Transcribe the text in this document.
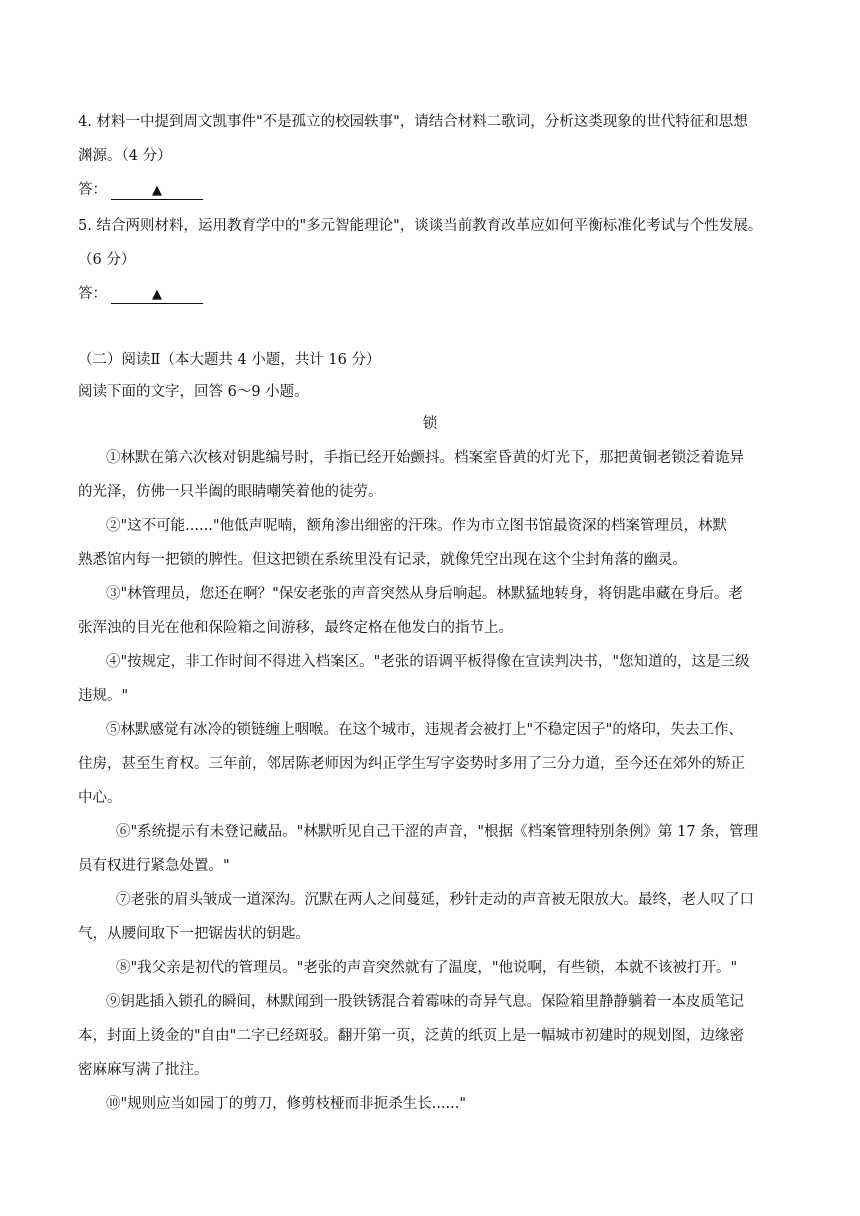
4. 材料一中提到周文凯事件"不是孤立的校园轶事"，请结合材料二歌词，分析这类现象的世代特征和思想
渊源。（4 分）
答：	▲
5. 结合两则材料，运用教育学中的"多元智能理论"，谈谈当前教育改革应如何平衡标准化考试与个性发展。
（6 分）
答：	▲
（二）阅读Ⅱ（本大题共 4 小题，共计 16 分）
阅读下面的文字，回答 6～9 小题。
锁
①林默在第六次核对钥匙编号时，手指已经开始颤抖。档案室昏黄的灯光下，那把黄铜老锁泛着诡异
的光泽，仿佛一只半阖的眼睛嘲笑着他的徒劳。
②"这不可能......"他低声呢喃，额角渗出细密的汗珠。作为市立图书馆最资深的档案管理员，林默
熟悉馆内每一把锁的脾性。但这把锁在系统里没有记录，就像凭空出现在这个尘封角落的幽灵。
③"林管理员，您还在啊？"保安老张的声音突然从身后响起。林默猛地转身，将钥匙串藏在身后。老
张浑浊的目光在他和保险箱之间游移，最终定格在他发白的指节上。
④"按规定，非工作时间不得进入档案区。"老张的语调平板得像在宣读判决书，"您知道的，这是三级
违规。"
⑤林默感觉有冰冷的锁链缠上咽喉。在这个城市，违规者会被打上"不稳定因子"的烙印，失去工作、
住房，甚至生育权。三年前，邻居陈老师因为纠正学生写字姿势时多用了三分力道，至今还在郊外的矫正
中心。
⑥"系统提示有未登记藏品。"林默听见自己干涩的声音，"根据《档案管理特别条例》第 17 条，管理
员有权进行紧急处置。"
⑦老张的眉头皱成一道深沟。沉默在两人之间蔓延，秒针走动的声音被无限放大。最终，老人叹了口
气，从腰间取下一把锯齿状的钥匙。
⑧"我父亲是初代的管理员。"老张的声音突然就有了温度，"他说啊，有些锁，本就不该被打开。"
⑨钥匙插入锁孔的瞬间，林默闻到一股铁锈混合着霉味的奇异气息。保险箱里静静躺着一本皮质笔记
本，封面上烫金的"自由"二字已经斑驳。翻开第一页，泛黄的纸页上是一幅城市初建时的规划图，边缘密
密麻麻写满了批注。
⑩"规则应当如园丁的剪刀，修剪枝桠而非扼杀生长......"
